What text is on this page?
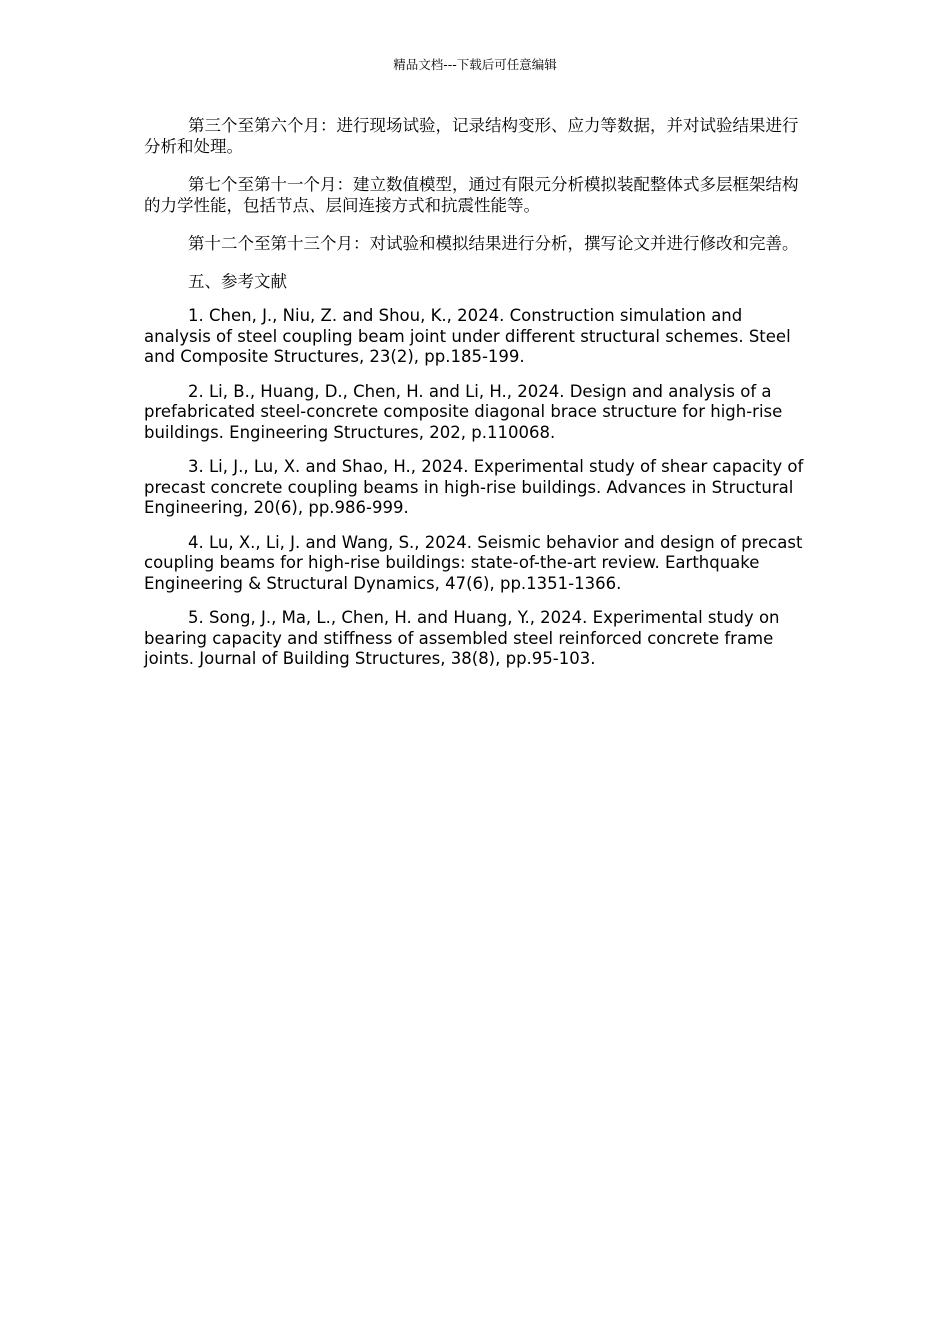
精品文档---下载后可任意编辑

第三个至第六个月：进行现场试验，记录结构变形、应力等数据，并对试验结果进行分析和处理。

第七个至第十一个月：建立数值模型，通过有限元分析模拟装配整体式多层框架结构的力学性能，包括节点、层间连接方式和抗震性能等。

第十二个至第十三个月：对试验和模拟结果进行分析，撰写论文并进行修改和完善。

五、参考文献

1. Chen, J., Niu, Z. and Shou, K., 2024. Construction simulation and analysis of steel coupling beam joint under different structural schemes. Steel and Composite Structures, 23(2), pp.185-199.

2. Li, B., Huang, D., Chen, H. and Li, H., 2024. Design and analysis of a prefabricated steel-concrete composite diagonal brace structure for high-rise buildings. Engineering Structures, 202, p.110068.

3. Li, J., Lu, X. and Shao, H., 2024. Experimental study of shear capacity of precast concrete coupling beams in high-rise buildings. Advances in Structural Engineering, 20(6), pp.986-999.

4. Lu, X., Li, J. and Wang, S., 2024. Seismic behavior and design of precast coupling beams for high-rise buildings: state-of-the-art review. Earthquake Engineering & Structural Dynamics, 47(6), pp.1351-1366.

5. Song, J., Ma, L., Chen, H. and Huang, Y., 2024. Experimental study on bearing capacity and stiffness of assembled steel reinforced concrete frame joints. Journal of Building Structures, 38(8), pp.95-103.
